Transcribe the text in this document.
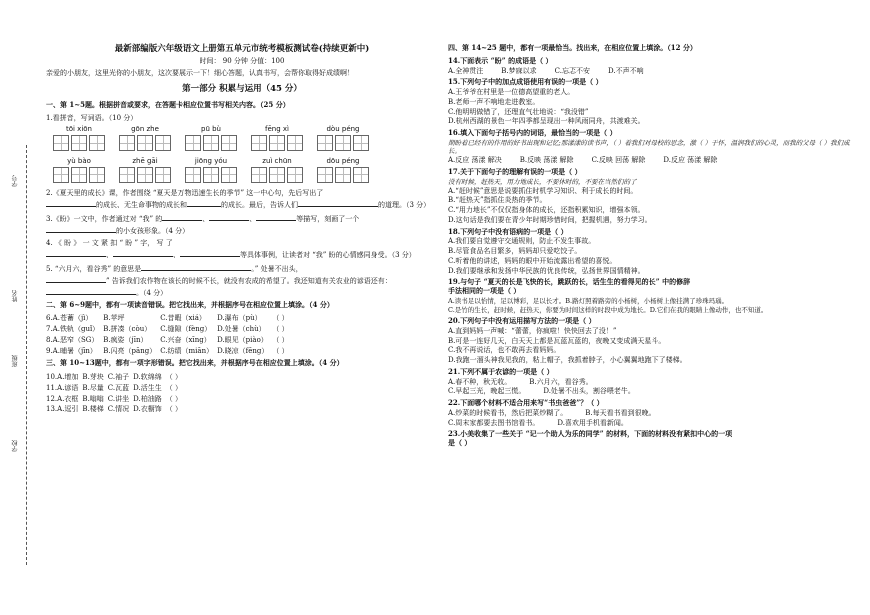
学号
姓名
班级
学校
最新部编版六年级语文上册第五单元市统考模板测试卷(持续更新中)
时间： 90 分钟 分值：100
亲爱的小朋友，这里光你的小朋友，这次要展示一下！细心答题，认真书写，会帮你取得好成绩啊！
第一部分 积累与运用（45 分）
一、第 1~5题。根据拼音或要求，在答题卡相应位置书写相关内容。（25 分）
1.看拼音，写词语。（10 分）
tōi xiōn	gōn zhe	pū bù	fēng xì	dòu péng
yù bào	zhē gāi	jiōng yóu	zuì chūn	dōu péng
2.《夏天里的成长》课，作者围绕 “夏天是万物迅速生长的季节” 这一中心句，先后写出了
的成长、无生命事物的成长和	的成长。最后，告诉人们	的道理。（3 分）
3.《盼》一文中，作者通过对 “我” 的	、	、	等描写，刻画了一个
的小女孩形象。（4 分）
4. 《 盼 》 一 文 紧 扣 “ 盼 ” 字， 写 了
、	、	等具体事例，让读者对 “我” 盼的心情感同身受。（3 分）
5. “六月六，看谷秀” 的意思是	。” 处暑不出头，
” 告诉我们农作物在该长的时候不长，就没有农成的希望了。我还知道有关农业的谚语还有：。（4 分）
二、第 6~9题中，都有一项读音错误。把它找出来，并根据序号在相应位置上填涂。（4 分）
6.A.苍蓄（jì）	B.苹坪	C.昔暇（xiá）	D.瀑布（pù）	（ ）
7.A.铁轨（guǐ）	B.拼凑（còu）	C.缝隙（fèng）	D.处暑（chù）	（ ）
8.A.恶窄（SG）	B.疯姿（jīn）	C.兴奋（xīng）	D.眼见（piào）	（ ）
9.A.晡暑（jīn）	B.闪亮（pāng）	C.纺绩（miān）	D.晓凉（fēng）	（ ）
三、第 10~13题中，都有一项字形错误。把它找出来，并根据序号在相应位置上填涂。（4 分）
10.A.增加	B.芽块	C.袖子	D.软绵绵	（ ）
11.A.谚语	B.尽量	C.瓦蓝	D.活生生	（ ）
12.A.衣框	B.嗡嗡	C.讲坐	D.柏油路	（ ）
13.A.逗引	B.楼梯	C.情况	D.衣橱饰	（ ）
四、第 14~25 题中，都有一项最恰当。找出来，在相应位置上填涂。（12 分）
14.下面表示 “盼” 的成语是（ ）
A.全神贯注	B.梦寐以求	C.忘忑不安	D.不声不响
15.下列句子中的加点成语使用有误的一项是（ ）
A.王爷爷在村里是一位德高望重的老人。
B.老师一声不响地走进教室。
C.他明明做错了，还理直气壮地说：“我没错”
D.杭州西湖的景色一年四季都呈现出一种风雨同舟，共渡难关。
16.填入下面句子括号内的词语，最恰当的一项是（ ）
期盼着已经有的作用的好书出现和记忆;那漾漾的读书声，（ ）着我们对母校的思念，激（ ）于怀，温润我们的心灵，而我的父母（ ）我们成长。
A.反应 荡漾 解决	B.反映 荡漾 解除	C.反映 回荡 解除	D.反应 荡漾 解除
17.关于下面句子的理解有误的一项是（ ）
没有时候，赶热天，用力地成长，不要休时的，不要在当然们的了
A.“赶时候”意思是说要抓住时机学习知识、利于成长的时间。
B.“赶热天”指抓住炎热的季节。
C.“用力地长”不仅仅指身体的成长，还指积累知识，增强本领。
D.这句话是我们要在青少年时期珍惜时间，把握机遇，努力学习。
18.下列句子中没有语病的一项是（ ）
A.我们要自觉遵守交通规则，防止不发生事故。
B.尽管食品名目繁多，妈妈却只爱吃饺子。
C.听着他的讲述，妈妈的眼中开始流露出希望的喜悦。
D.我们要继承和发扬中华民族的优良传统，弘扬世界国情精神。
19.与句子 “夏天的长是飞快的长，跳跃的长，话生生的看得见的长” 中的修辞
手法相同的一项是（ ）
A.读书足以怡情，足以博彩，足以长才。B.路灯照着路旁的小杨树，小杨树上像挂满了珍珠玛瑙。
C.是竹的生长，赶时候，赶热天，你要为时间这样的时段中成为地长。D.它们在我的眼睛上像动作，也不知道。
20.下列句子中没有运用描写方法的一项是（ ）
A.直到妈妈一声喊：“蕾蕾，你疯啦！快快回去了没！”
B.可是一连好几天，白天天上都是瓦蓝瓦蓝的，夜晚又变成满天星斗。
C.我不再说话，也不敢再去看妈妈。
D.我跑一溜头神我见我的，粘上帽子，我抓着脖子，小心翼翼地跑下了楼梯。
21.下列不属于农谚的一项是（ ）
A.春不种，秋无收。	B.六月六，看谷秀。
C.早起三光，晚起三慌。	D.处暑不出头，割谷喂老牛。
22.下面哪个材料不适合用来写“书虫爸爸”？（ ）
A.炒菜的时候看书，然后把菜炒糊了。	B.每天看书看到很晚。
C.周末家都要去图书馆看书。	D.喜欢用手机看新闻。
23.小美收集了一些关于 “记一个助人为乐的同学” 的材料，下面的材料没有紧扣中心的一项
是（ ）
